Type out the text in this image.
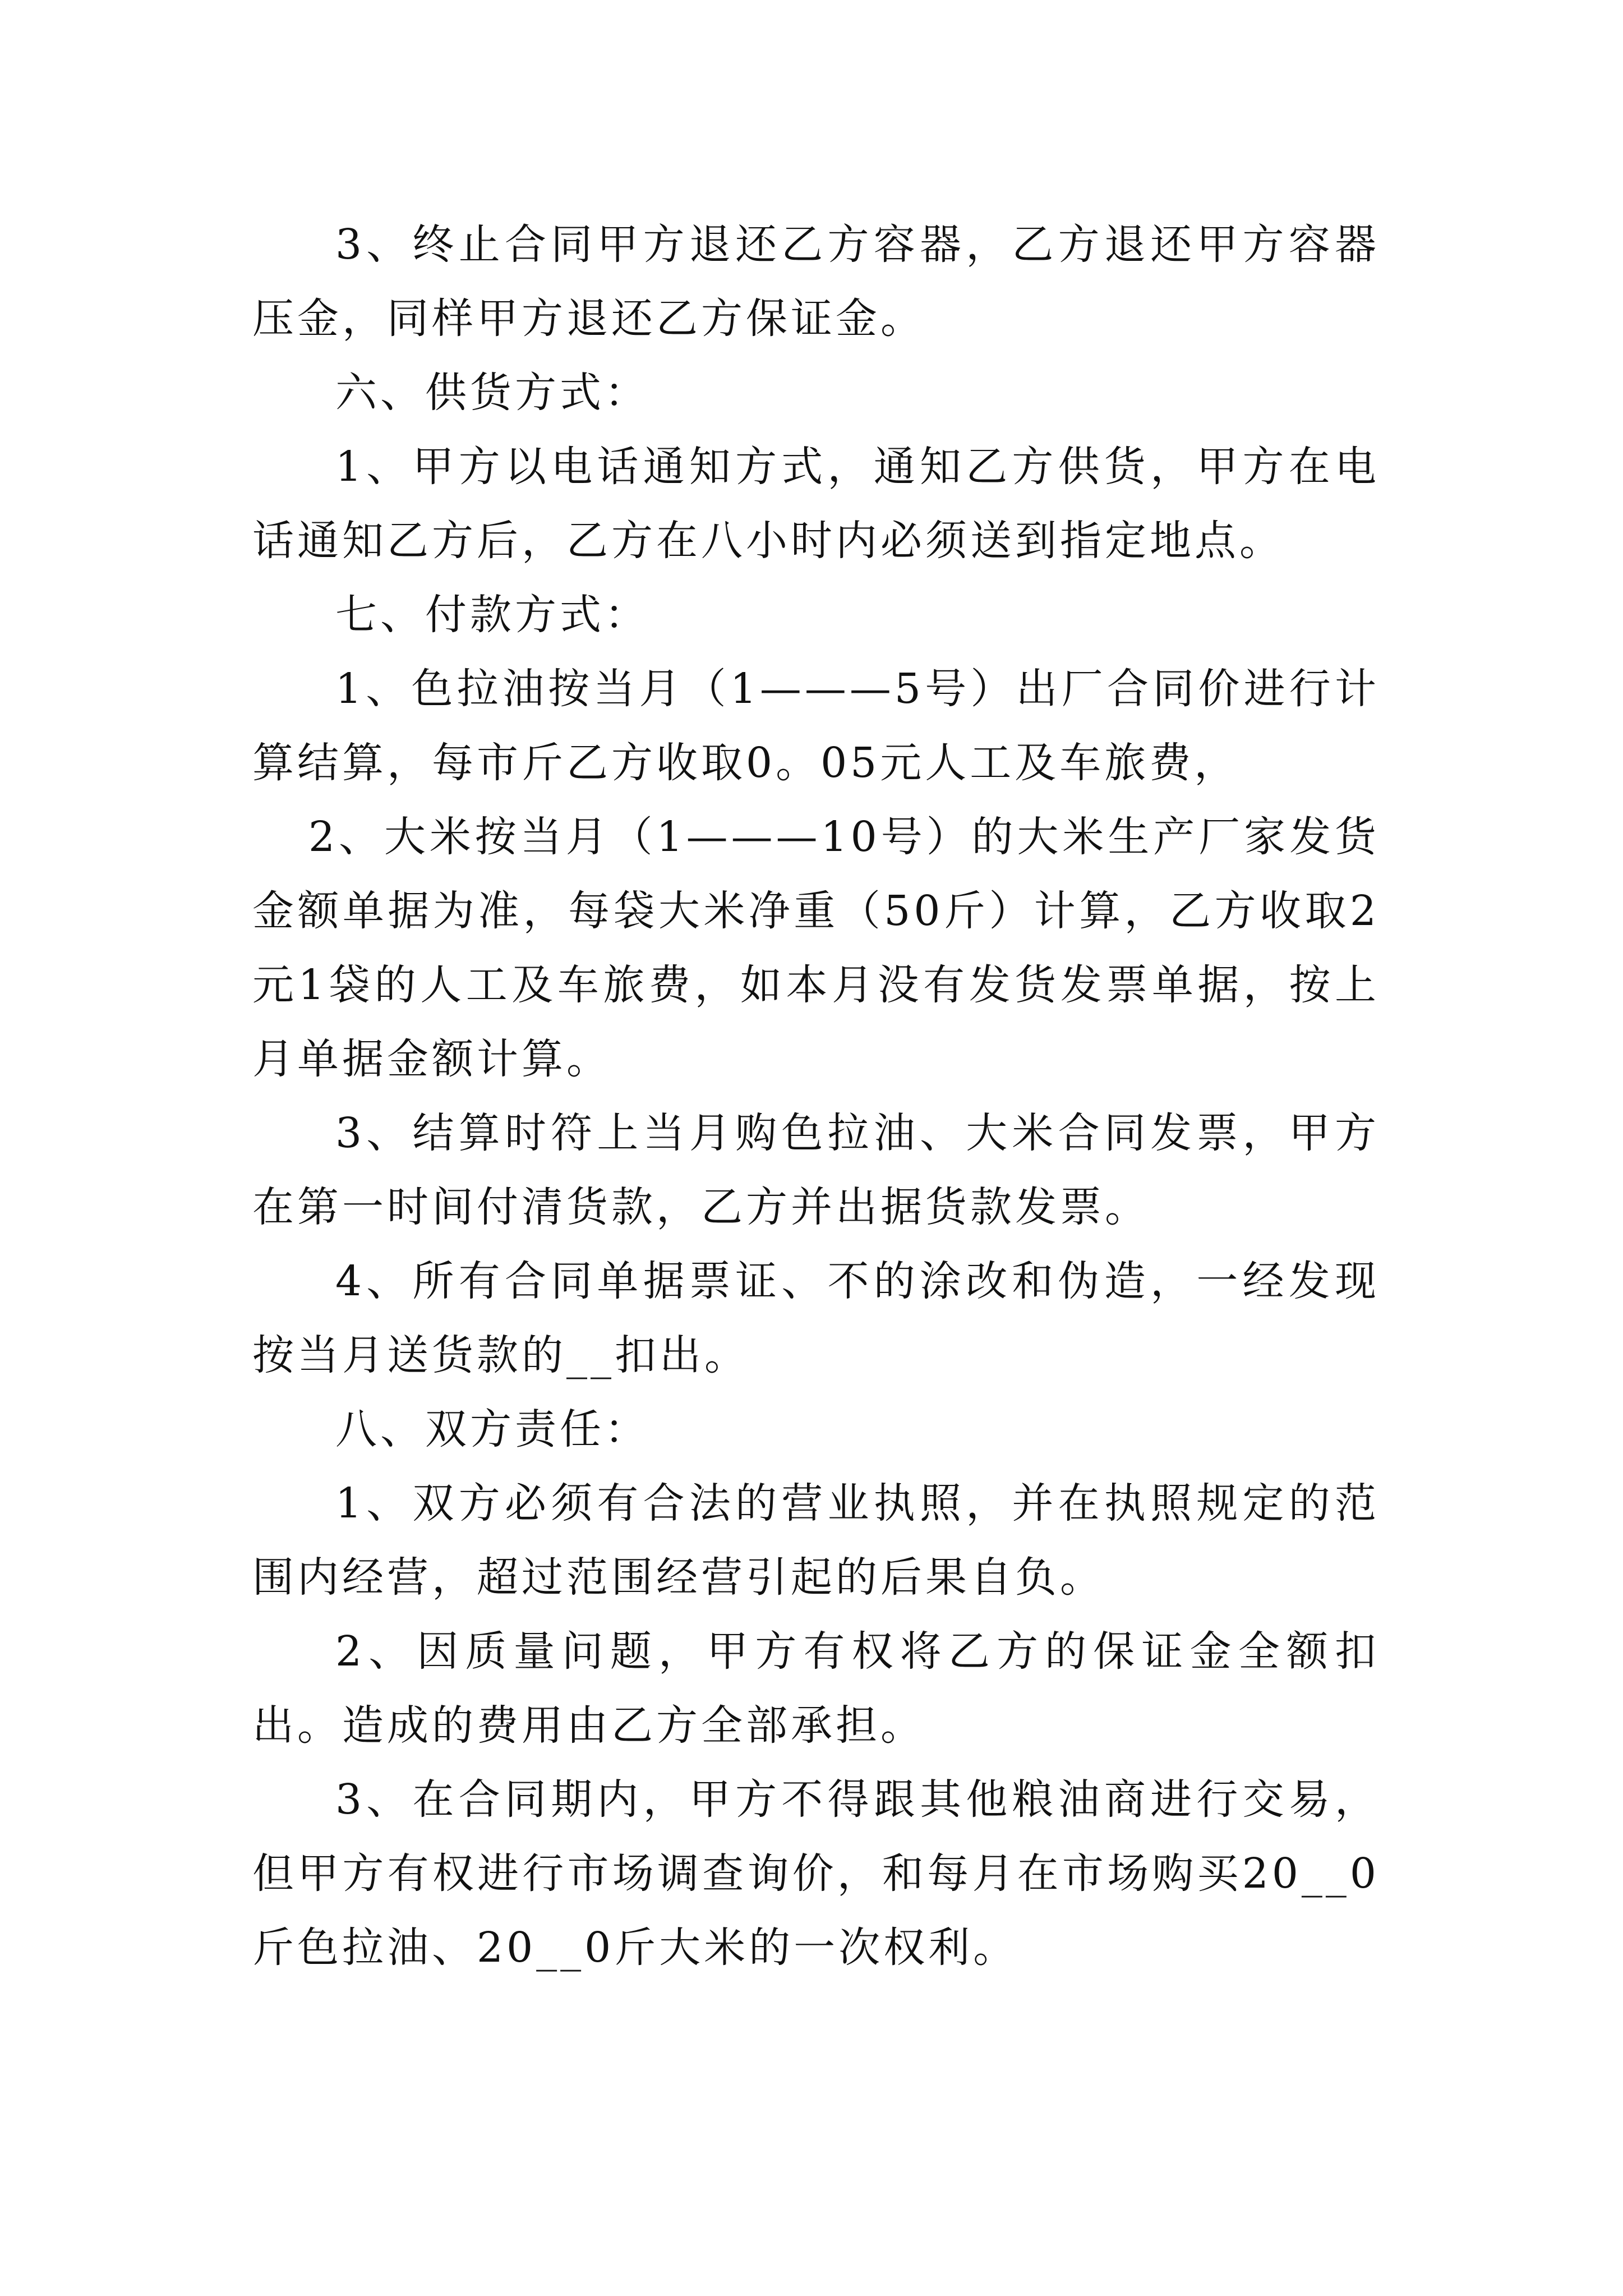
3、终止合同甲方退还乙方容器，乙方退还甲方容器压金，同样甲方退还乙方保证金。

六、供货方式：

1、甲方以电话通知方式，通知乙方供货，甲方在电话通知乙方后，乙方在八小时内必须送到指定地点。

七、付款方式：

1、色拉油按当月（1———5号）出厂合同价进行计算结算，每市斤乙方收取0。05元人工及车旅费，

2、大米按当月（1———10号）的大米生产厂家发货金额单据为准，每袋大米净重（50斤）计算，乙方收取2元1袋的人工及车旅费，如本月没有发货发票单据，按上月单据金额计算。

3、结算时符上当月购色拉油、大米合同发票，甲方在第一时间付清货款，乙方并出据货款发票。

4、所有合同单据票证、不的涂改和伪造，一经发现按当月送货款的__扣出。

八、双方责任：

1、双方必须有合法的营业执照，并在执照规定的范围内经营，超过范围经营引起的后果自负。

2、因质量问题，甲方有权将乙方的保证金全额扣出。造成的费用由乙方全部承担。

3、在合同期内，甲方不得跟其他粮油商进行交易，但甲方有权进行市场调查询价，和每月在市场购买20__0斤色拉油、20__0斤大米的一次权利。
